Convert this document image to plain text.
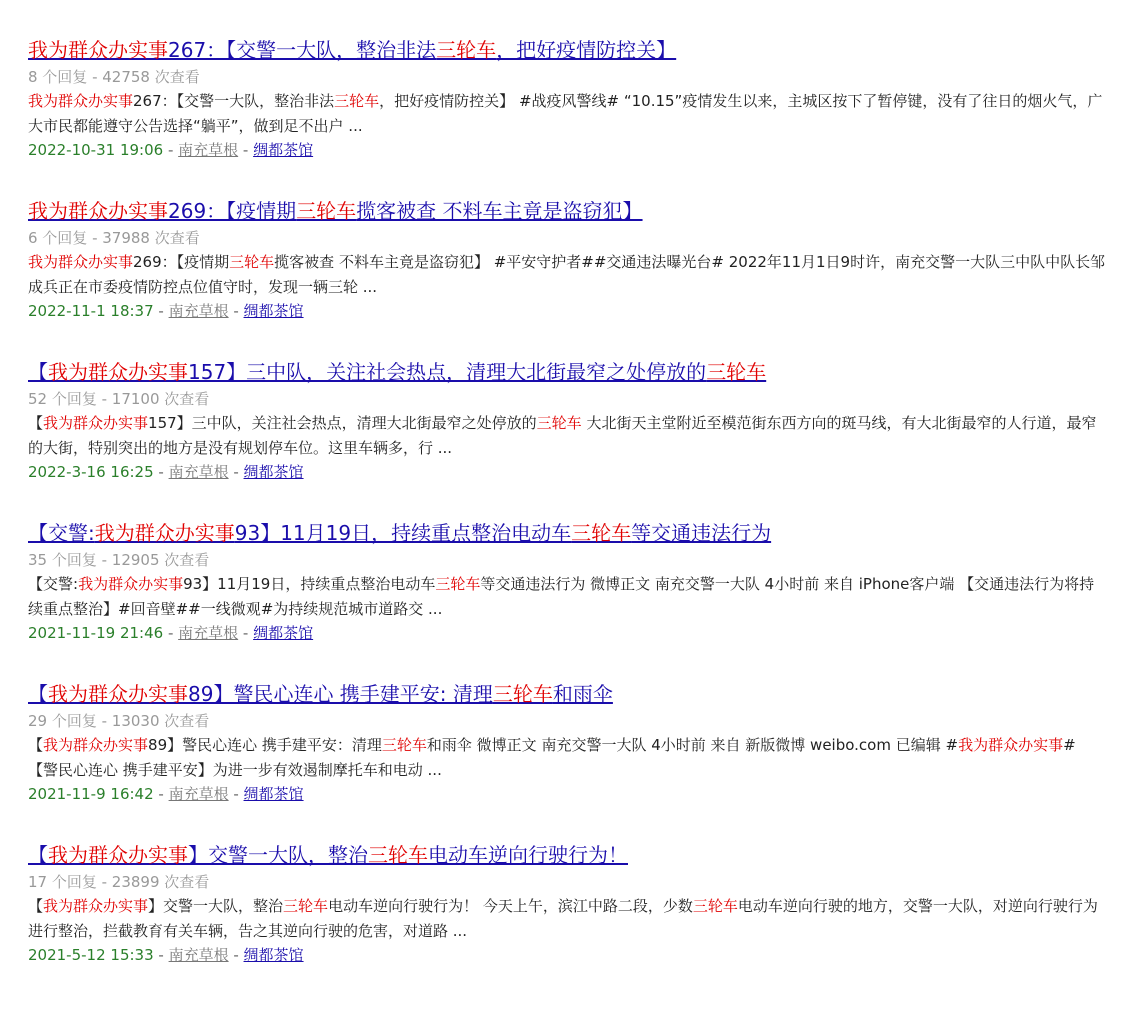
我为群众办实事267：【交警一大队，整治非法三轮车，把好疫情防控关】
8 个回复 - 42758 次查看
我为群众办实事267：【交警一大队，整治非法三轮车，把好疫情防控关】 #战疫风警线# “10.15”疫情发生以来，主城区按下了暂停键，没有了往日的烟火气，广大市民都能遵守公告选择“躺平”，做到足不出户 ...
2022-10-31 19:06 - 南充草根 - 绸都茶馆
我为群众办实事269：【疫情期三轮车揽客被查 不料车主竟是盗窃犯】
6 个回复 - 37988 次查看
我为群众办实事269：【疫情期三轮车揽客被查 不料车主竟是盗窃犯】 #平安守护者##交通违法曝光台# 2022年11月1日9时许，南充交警一大队三中队中队长邹成兵正在市委疫情防控点位值守时，发现一辆三轮 ...
2022-11-1 18:37 - 南充草根 - 绸都茶馆
【我为群众办实事157】三中队，关注社会热点，清理大北街最窄之处停放的三轮车
52 个回复 - 17100 次查看
【我为群众办实事157】三中队，关注社会热点，清理大北街最窄之处停放的三轮车 大北街天主堂附近至模范街东西方向的斑马线，有大北街最窄的人行道，最窄的大街，特别突出的地方是没有规划停车位。这里车辆多，行 ...
2022-3-16 16:25 - 南充草根 - 绸都茶馆
【交警:我为群众办实事93】11月19日，持续重点整治电动车三轮车等交通违法行为
35 个回复 - 12905 次查看
【交警:我为群众办实事93】11月19日，持续重点整治电动车三轮车等交通违法行为 微博正文 南充交警一大队 4小时前 来自 iPhone客户端 【交通违法行为将持续重点整治】#回音壁##一线微观#为持续规范城市道路交 ...
2021-11-19 21:46 - 南充草根 - 绸都茶馆
【我为群众办实事89】警民心连心 携手建平安: 清理三轮车和雨伞
29 个回复 - 13030 次查看
【我为群众办实事89】警民心连心 携手建平安：清理三轮车和雨伞 微博正文 南充交警一大队 4小时前 来自 新版微博 weibo.com 已编辑 #我为群众办实事# 【警民心连心 携手建平安】为进一步有效遏制摩托车和电动 ...
2021-11-9 16:42 - 南充草根 - 绸都茶馆
【我为群众办实事】交警一大队，整治三轮车电动车逆向行驶行为！
17 个回复 - 23899 次查看
【我为群众办实事】交警一大队，整治三轮车电动车逆向行驶行为！ 今天上午，滨江中路二段，少数三轮车电动车逆向行驶的地方，交警一大队，对逆向行驶行为进行整治，拦截教育有关车辆，告之其逆向行驶的危害，对道路 ...
2021-5-12 15:33 - 南充草根 - 绸都茶馆
